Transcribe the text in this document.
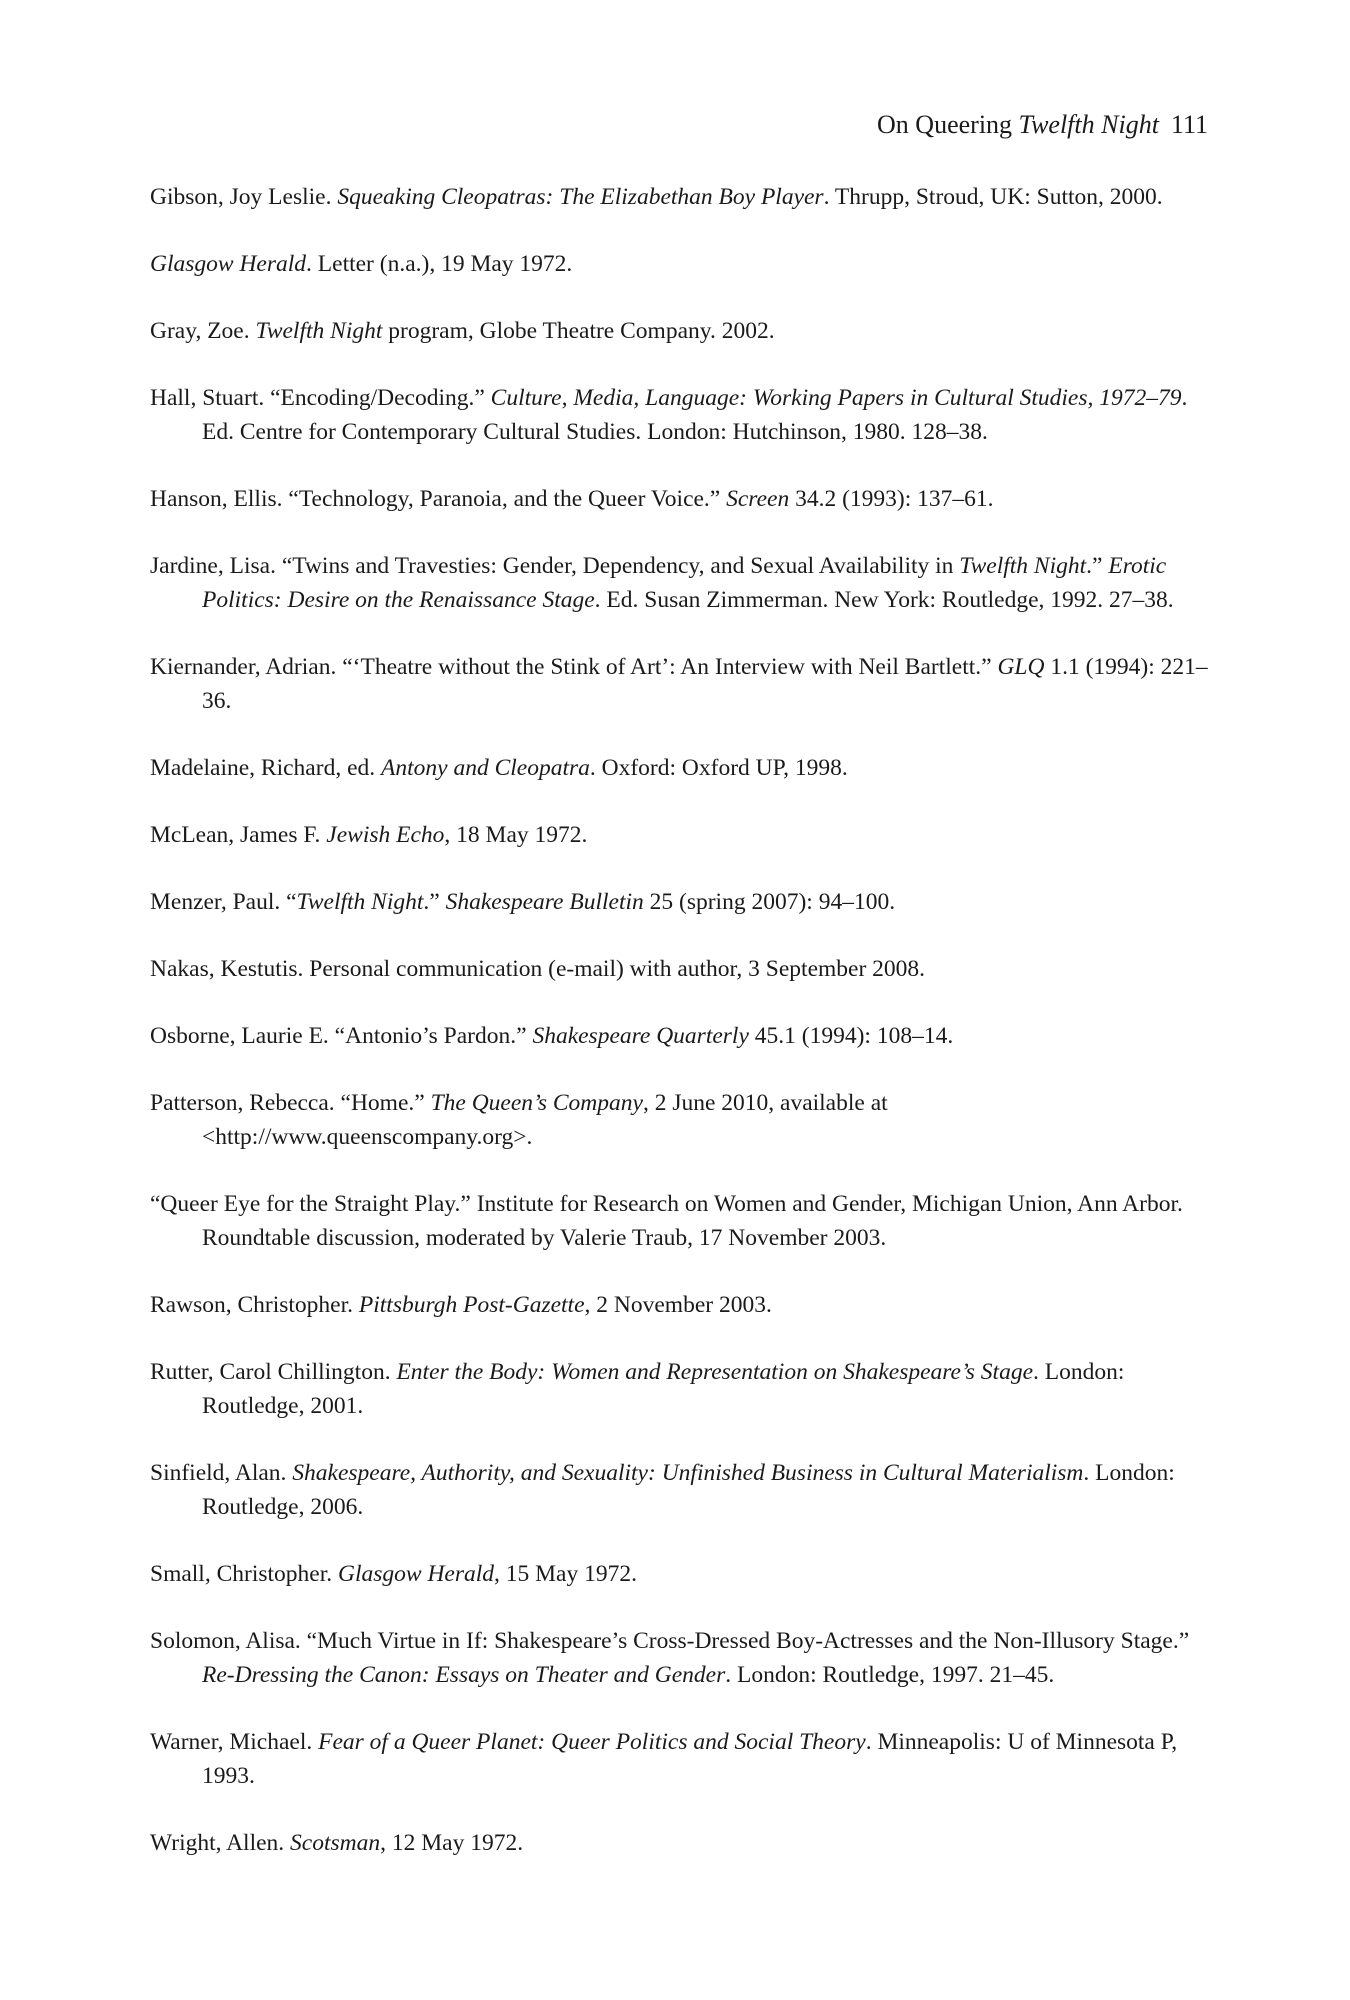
On Queering Twelfth Night 111
Gibson, Joy Leslie. Squeaking Cleopatras: The Elizabethan Boy Player. Thrupp, Stroud, UK: Sutton, 2000.
Glasgow Herald. Letter (n.a.), 19 May 1972.
Gray, Zoe. Twelfth Night program, Globe Theatre Company. 2002.
Hall, Stuart. “Encoding/Decoding.” Culture, Media, Language: Working Papers in Cultural Studies, 1972–79. Ed. Centre for Contemporary Cultural Studies. London: Hutchinson, 1980. 128–38.
Hanson, Ellis. “Technology, Paranoia, and the Queer Voice.” Screen 34.2 (1993): 137–61.
Jardine, Lisa. “Twins and Travesties: Gender, Dependency, and Sexual Availability in Twelfth Night.” Erotic Politics: Desire on the Renaissance Stage. Ed. Susan Zimmerman. New York: Routledge, 1992. 27–38.
Kiernander, Adrian. “‘Theatre without the Stink of Art’: An Interview with Neil Bartlett.” GLQ 1.1 (1994): 221–36.
Madelaine, Richard, ed. Antony and Cleopatra. Oxford: Oxford UP, 1998.
McLean, James F. Jewish Echo, 18 May 1972.
Menzer, Paul. “Twelfth Night.” Shakespeare Bulletin 25 (spring 2007): 94–100.
Nakas, Kestutis. Personal communication (e-mail) with author, 3 September 2008.
Osborne, Laurie E. “Antonio’s Pardon.” Shakespeare Quarterly 45.1 (1994): 108–14.
Patterson, Rebecca. “Home.” The Queen’s Company, 2 June 2010, available at <http://www.queenscompany.org>.
“Queer Eye for the Straight Play.” Institute for Research on Women and Gender, Michigan Union, Ann Arbor. Roundtable discussion, moderated by Valerie Traub, 17 November 2003.
Rawson, Christopher. Pittsburgh Post-Gazette, 2 November 2003.
Rutter, Carol Chillington. Enter the Body: Women and Representation on Shakespeare’s Stage. London: Routledge, 2001.
Sinfield, Alan. Shakespeare, Authority, and Sexuality: Unfinished Business in Cultural Materialism. London: Routledge, 2006.
Small, Christopher. Glasgow Herald, 15 May 1972.
Solomon, Alisa. “Much Virtue in If: Shakespeare’s Cross-Dressed Boy-Actresses and the Non-Illusory Stage.” Re-Dressing the Canon: Essays on Theater and Gender. London: Routledge, 1997. 21–45.
Warner, Michael. Fear of a Queer Planet: Queer Politics and Social Theory. Minneapolis: U of Minnesota P, 1993.
Wright, Allen. Scotsman, 12 May 1972.
